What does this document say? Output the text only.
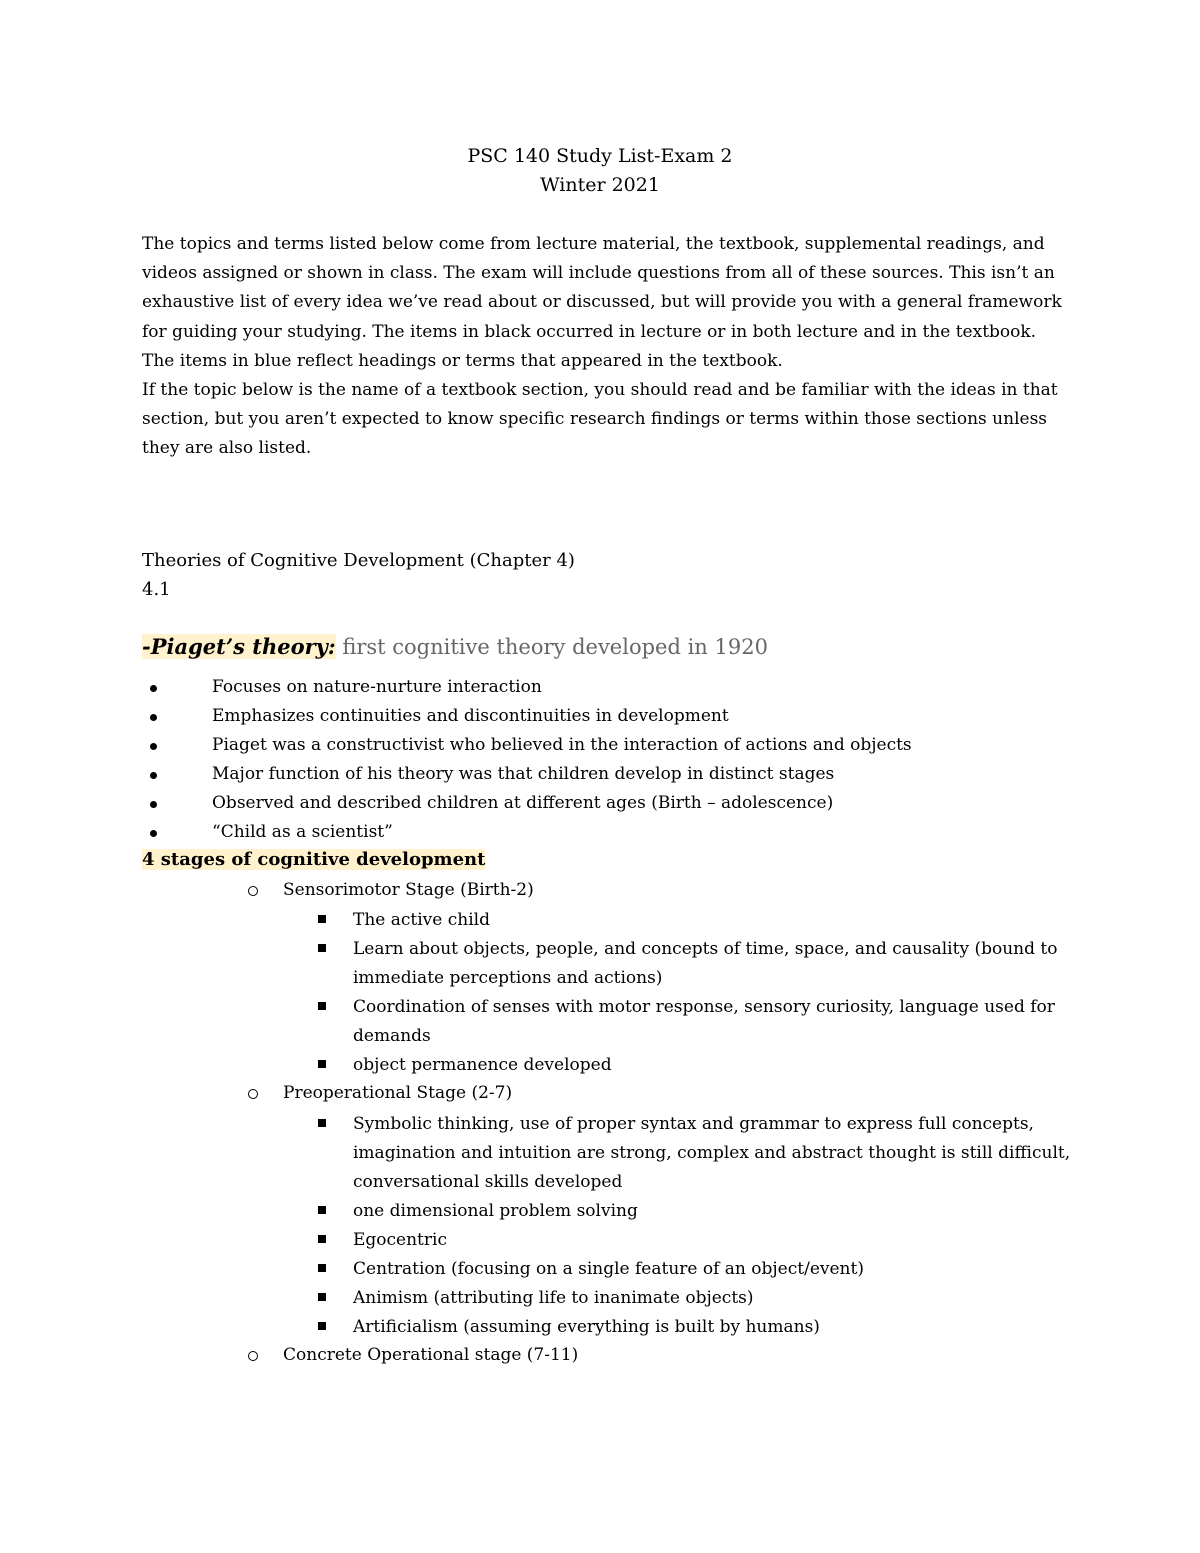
PSC 140 Study List-Exam 2
Winter 2021

The topics and terms listed below come from lecture material, the textbook, supplemental readings, and videos assigned or shown in class. The exam will include questions from all of these sources. This isn’t an exhaustive list of every idea we’ve read about or discussed, but will provide you with a general framework for guiding your studying. The items in black occurred in lecture or in both lecture and in the textbook. The items in blue reflect headings or terms that appeared in the textbook.

If the topic below is the name of a textbook section, you should read and be familiar with the ideas in that section, but you aren’t expected to know specific research findings or terms within those sections unless they are also listed.

Theories of Cognitive Development (Chapter 4)
4.1
-Piaget’s theory: first cognitive theory developed in 1920
Focuses on nature-nurture interaction
Emphasizes continuities and discontinuities in development
Piaget was a constructivist who believed in the interaction of actions and objects
Major function of his theory was that children develop in distinct stages
Observed and described children at different ages (Birth – adolescence)
“Child as a scientist”
4 stages of cognitive development
Sensorimotor Stage (Birth-2)
The active child
Learn about objects, people, and concepts of time, space, and causality (bound to immediate perceptions and actions)
Coordination of senses with motor response, sensory curiosity, language used for demands
object permanence developed
Preoperational Stage (2-7)
Symbolic thinking, use of proper syntax and grammar to express full concepts, imagination and intuition are strong, complex and abstract thought is still difficult, conversational skills developed
one dimensional problem solving
Egocentric
Centration (focusing on a single feature of an object/event)
Animism (attributing life to inanimate objects)
Artificialism (assuming everything is built by humans)
Concrete Operational stage (7-11)
